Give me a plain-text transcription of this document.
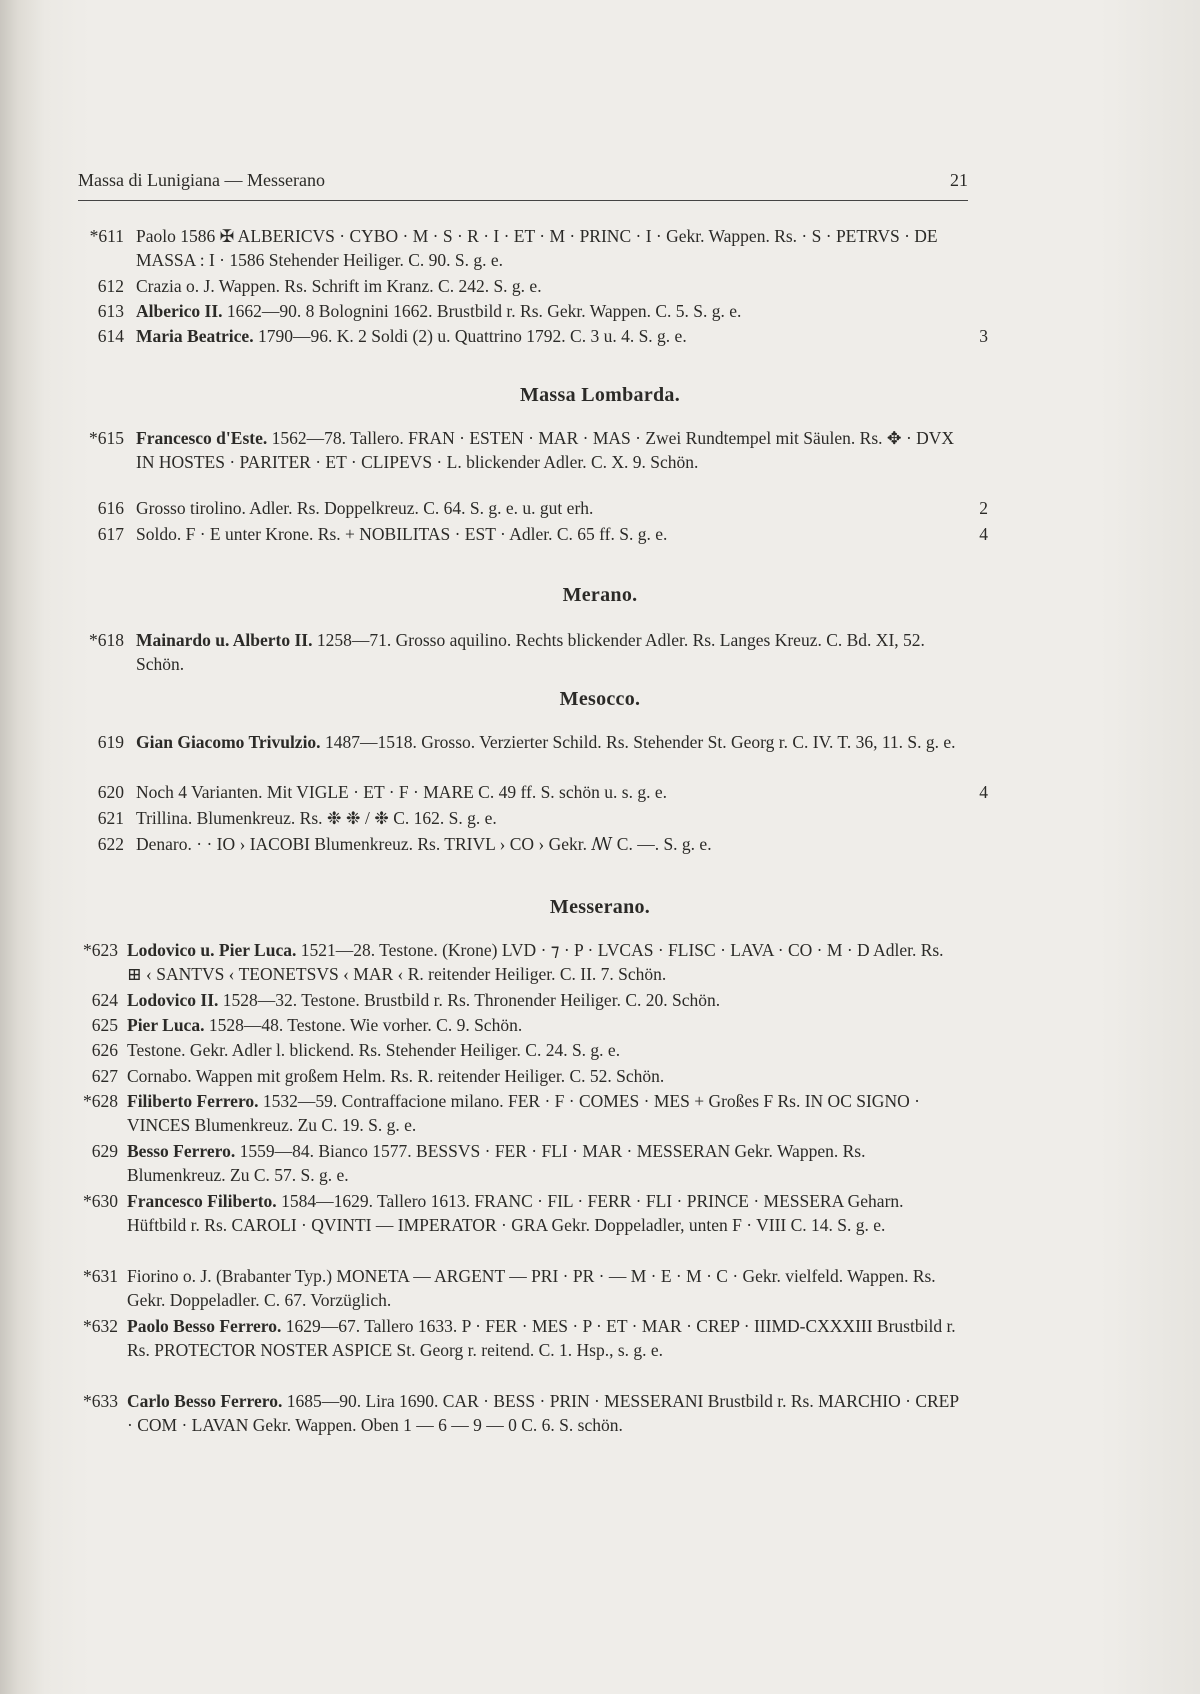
Massa di Lunigiana — Messerano	21
*611 Paolo 1586 ✠ ALBERICVS · CYBO · M · S · R · I · ET · M · PRINC · I · Gekr. Wappen. Rs. · S · PETRVS · DE MASSA : I · 1586 Stehender Heiliger. C. 90. S. g. e.
612 Crazia o. J. Wappen. Rs. Schrift im Kranz. C. 242. S. g. e.
613 Alberico II. 1662—90. 8 Bolognini 1662. Brustbild r. Rs. Gekr. Wappen. C. 5. S. g. e.
614 Maria Beatrice. 1790—96. K. 2 Soldi (2) u. Quattrino 1792. C. 3 u. 4. S. g. e.	3
Massa Lombarda.
*615 Francesco d'Este. 1562—78. Tallero. FRAN · ESTEN · MAR · MAS · Zwei Rundtempel mit Säulen. Rs. ✥ · DVX IN HOSTES · PARITER · ET · CLIPEVS · L. blickender Adler. C. X. 9. Schön.
616 Grosso tirolino. Adler. Rs. Doppelkreuz. C. 64. S. g. e. u. gut erh.	2
617 Soldo. F · E unter Krone. Rs. + NOBILITAS · EST · Adler. C. 65 ff. S. g. e.	4
Merano.
*618 Mainardo u. Alberto II. 1258—71. Grosso aquilino. Rechts blickender Adler. Rs. Langes Kreuz. C. Bd. XI, 52. Schön.
Mesocco.
619 Gian Giacomo Trivulzio. 1487—1518. Grosso. Verzierter Schild. Rs. Stehender St. Georg r. C. IV. T. 36, 11. S. g. e.
620 Noch 4 Varianten. Mit VIGLE · ET · F · MARE C. 49 ff. S. schön u. s. g. e.	4
621 Trillina. Blumenkreuz. Rs. ❉ ❉ / ❉ C. 162. S. g. e.
622 Denaro. · · IO › IACOBI Blumenkreuz. Rs. TRIVL › CO › Gekr. ꟿ C. —. S. g. e.
Messerano.
*623 Lodovico u. Pier Luca. 1521—28. Testone. (Krone) LVD · ⁊ · P · LVCAS · FLISC · LAVA · CO · M · D Adler. Rs. ⊞ ‹ SANTVS ‹ TEONETSVS ‹ MAR ‹ R. reitender Heiliger. C. II. 7. Schön.
624 Lodovico II. 1528—32. Testone. Brustbild r. Rs. Thronender Heiliger. C. 20. Schön.
625 Pier Luca. 1528—48. Testone. Wie vorher. C. 9. Schön.
626 Testone. Gekr. Adler l. blickend. Rs. Stehender Heiliger. C. 24. S. g. e.
627 Cornabo. Wappen mit großem Helm. Rs. R. reitender Heiliger. C. 52. Schön.
*628 Filiberto Ferrero. 1532—59. Contraffacione milano. FER · F · COMES · MES + Großes F Rs. IN OC SIGNO · VINCES Blumenkreuz. Zu C. 19. S. g. e.
629 Besso Ferrero. 1559—84. Bianco 1577. BESSVS · FER · FLI · MAR · MESSERAN Gekr. Wappen. Rs. Blumenkreuz. Zu C. 57. S. g. e.
*630 Francesco Filiberto. 1584—1629. Tallero 1613. FRANC · FIL · FERR · FLI · PRINCE · MESSERA Geharn. Hüftbild r. Rs. CAROLI · QVINTI — IMPERATOR · GRA Gekr. Doppeladler, unten F · VIII C. 14. S. g. e.
*631 Fiorino o. J. (Brabanter Typ.) MONETA — ARGENT — PRI · PR · — M · E · M · C · Gekr. vielfeld. Wappen. Rs. Gekr. Doppeladler. C. 67. Vorzüglich.
*632 Paolo Besso Ferrero. 1629—67. Tallero 1633. P · FER · MES · P · ET · MAR · CREP · IIIMD-CXXXIII Brustbild r. Rs. PROTECTOR NOSTER ASPICE St. Georg r. reitend. C. 1. Hsp., s. g. e.
*633 Carlo Besso Ferrero. 1685—90. Lira 1690. CAR · BESS · PRIN · MESSERANI Brustbild r. Rs. MARCHIO · CREP · COM · LAVAN Gekr. Wappen. Oben 1 — 6 — 9 — 0 C. 6. S. schön.
